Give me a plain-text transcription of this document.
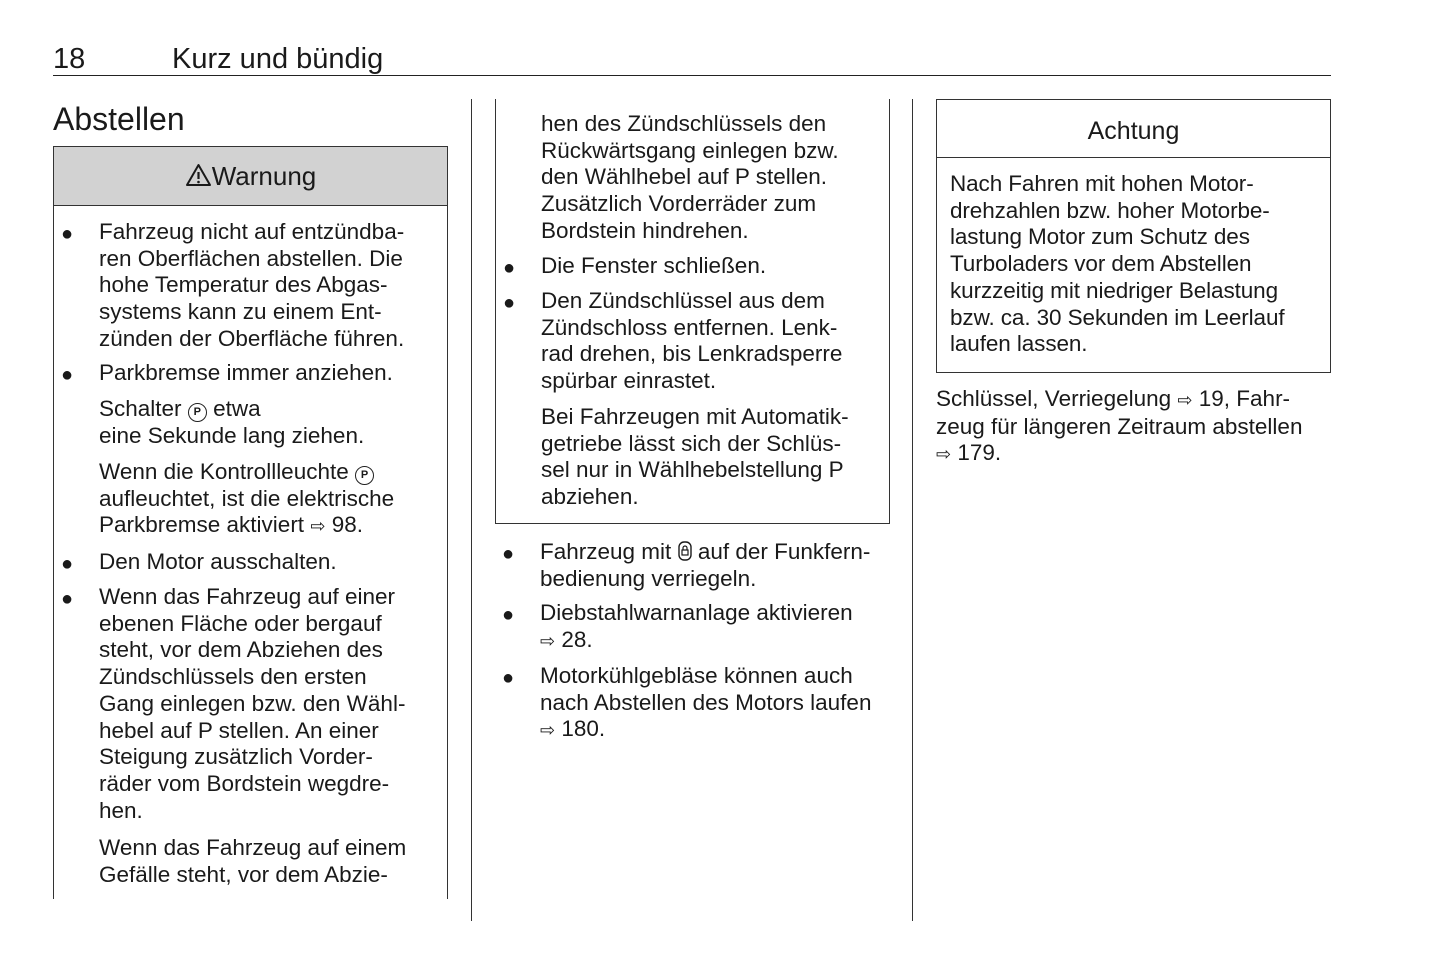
18	Kurz und bündig
Abstellen
Warnung
● Fahrzeug nicht auf entzündba-
ren Oberflächen abstellen. Die
hohe Temperatur des Abgas-
systems kann zu einem Ent-
zünden der Oberfläche führen.
● Parkbremse immer anziehen.
Schalter P etwa
eine Sekunde lang ziehen.
Wenn die Kontrollleuchte P
aufleuchtet, ist die elektrische
Parkbremse aktiviert ⇨ 98.
● Den Motor ausschalten.
● Wenn das Fahrzeug auf einer
ebenen Fläche oder bergauf
steht, vor dem Abziehen des
Zündschlüssels den ersten
Gang einlegen bzw. den Wähl-
hebel auf P stellen. An einer
Steigung zusätzlich Vorder-
räder vom Bordstein wegdre-
hen.
Wenn das Fahrzeug auf einem
Gefälle steht, vor dem Abzie-
hen des Zündschlüssels den
Rückwärtsgang einlegen bzw.
den Wählhebel auf P stellen.
Zusätzlich Vorderräder zum
Bordstein hindrehen.
● Die Fenster schließen.
● Den Zündschlüssel aus dem
Zündschloss entfernen. Lenk-
rad drehen, bis Lenkradsperre
spürbar einrastet.
Bei Fahrzeugen mit Automatik-
getriebe lässt sich der Schlüs-
sel nur in Wählhebelstellung P
abziehen.
● Fahrzeug mit auf der Funkfern-
bedienung verriegeln.
● Diebstahlwarnanlage aktivieren
⇨ 28.
● Motorkühlgebläse können auch
nach Abstellen des Motors laufen
⇨ 180.
Achtung
Nach Fahren mit hohen Motor-
drehzahlen bzw. hoher Motorbe-
lastung Motor zum Schutz des
Turboladers vor dem Abstellen
kurzzeitig mit niedriger Belastung
bzw. ca. 30 Sekunden im Leerlauf
laufen lassen.
Schlüssel, Verriegelung ⇨ 19, Fahr-
zeug für längeren Zeitraum abstellen
⇨ 179.
